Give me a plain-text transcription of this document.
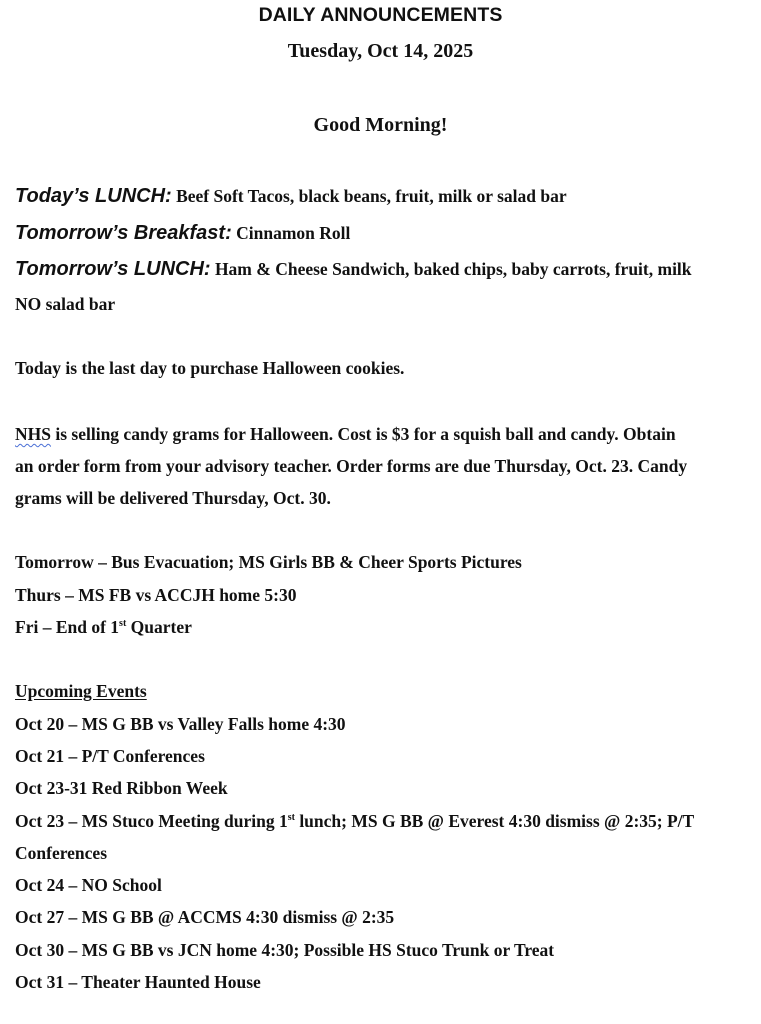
DAILY ANNOUNCEMENTS
Tuesday, Oct 14, 2025
Good Morning!
Today’s LUNCH: Beef Soft Tacos, black beans, fruit, milk or salad bar
Tomorrow’s Breakfast: Cinnamon Roll
Tomorrow’s LUNCH: Ham & Cheese Sandwich, baked chips, baby carrots, fruit, milk
NO salad bar
Today is the last day to purchase Halloween cookies.
NHS is selling candy grams for Halloween. Cost is $3 for a squish ball and candy. Obtain
an order form from your advisory teacher. Order forms are due Thursday, Oct. 23. Candy
grams will be delivered Thursday, Oct. 30.
Tomorrow – Bus Evacuation; MS Girls BB & Cheer Sports Pictures
Thurs – MS FB vs ACCJH home 5:30
Fri – End of 1st Quarter
Upcoming Events
Oct 20 – MS G BB vs Valley Falls home 4:30
Oct 21 – P/T Conferences
Oct 23-31 Red Ribbon Week
Oct 23 – MS Stuco Meeting during 1st lunch; MS G BB @ Everest 4:30 dismiss @ 2:35; P/T
Conferences
Oct 24 – NO School
Oct 27 – MS G BB @ ACCMS 4:30 dismiss @ 2:35
Oct 30 – MS G BB vs JCN home 4:30; Possible HS Stuco Trunk or Treat
Oct 31 – Theater Haunted House
